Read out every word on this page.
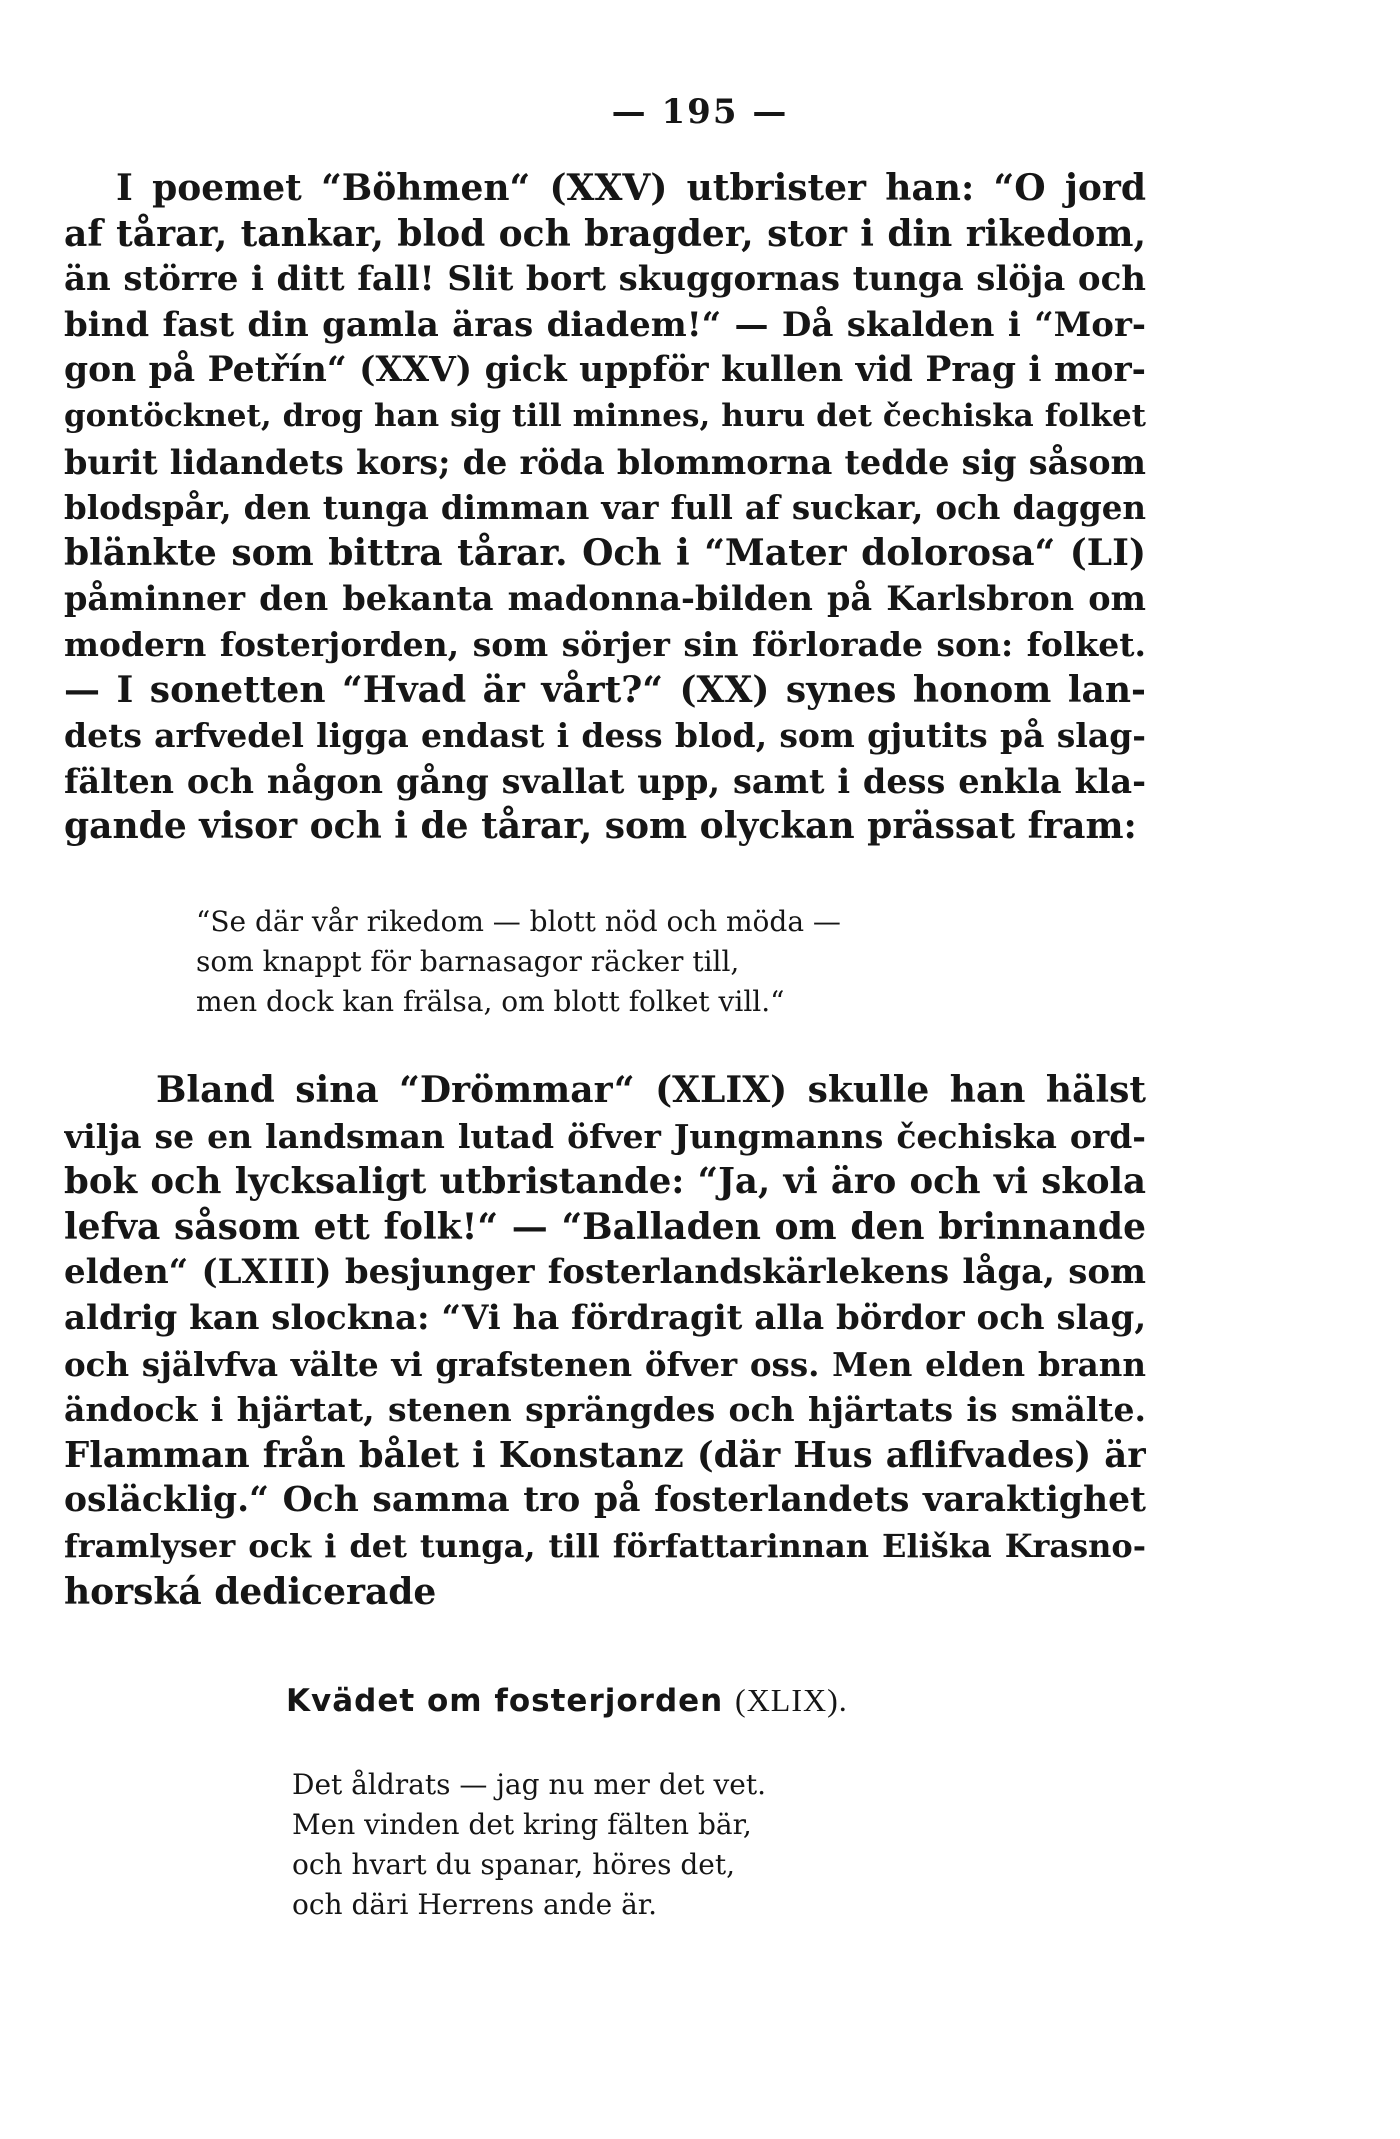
— 195 —
I poemet “Böhmen“ (XXV) utbrister han: “O jord
af tårar, tankar, blod och bragder, stor i din rikedom,
än större i ditt fall! Slit bort skuggornas tunga slöja och
bind fast din gamla äras diadem!“ — Då skalden i “Mor-
gon på Petřín“ (XXV) gick uppför kullen vid Prag i mor-
gontöcknet, drog han sig till minnes, huru det čechiska folket
burit lidandets kors; de röda blommorna tedde sig såsom
blodspår, den tunga dimman var full af suckar, och daggen
blänkte som bittra tårar. Och i “Mater dolorosa“ (LI)
påminner den bekanta madonna-bilden på Karlsbron om
modern fosterjorden, som sörjer sin förlorade son: folket.
— I sonetten “Hvad är vårt?“ (XX) synes honom lan-
dets arfvedel ligga endast i dess blod, som gjutits på slag-
fälten och någon gång svallat upp, samt i dess enkla kla-
gande visor och i de tårar, som olyckan prässat fram:
“Se där vår rikedom — blott nöd och möda —
som knappt för barnasagor räcker till,
men dock kan frälsa, om blott folket vill.“
Bland sina “Drömmar“ (XLIX) skulle han hälst
vilja se en landsman lutad öfver Jungmanns čechiska ord-
bok och lycksaligt utbristande: “Ja, vi äro och vi skola
lefva såsom ett folk!“ — “Balladen om den brinnande
elden“ (LXIII) besjunger fosterlandskärlekens låga, som
aldrig kan slockna: “Vi ha fördragit alla bördor och slag,
och självfva välte vi grafstenen öfver oss. Men elden brann
ändock i hjärtat, stenen sprängdes och hjärtats is smälte.
Flamman från bålet i Konstanz (där Hus aflifvades) är
osläcklig.“ Och samma tro på fosterlandets varaktighet
framlyser ock i det tunga, till författarinnan Eliška Krasno-
horská dedicerade
Kvädet om fosterjorden (XLIX).
Det åldrats — jag nu mer det vet.
Men vinden det kring fälten bär,
och hvart du spanar, höres det,
och däri Herrens ande är.
